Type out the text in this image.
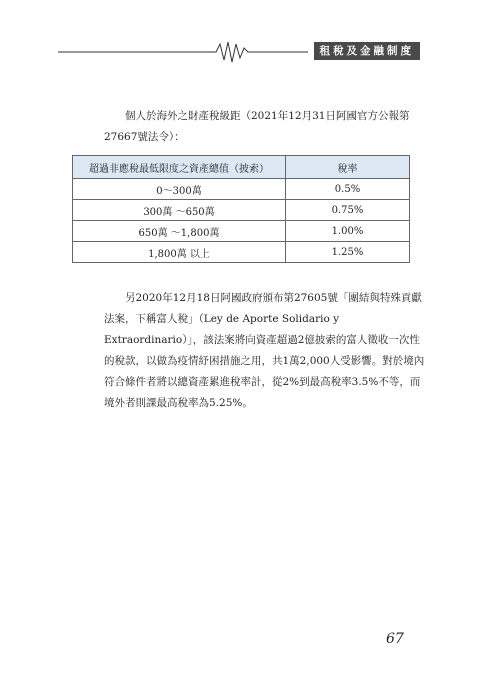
租稅及金融制度

個人於海外之財產稅級距（2021年12月31日阿國官方公報第27667號法令）：

超過非應稅最低限度之資產總值（披索）	稅率
0～300萬	0.5%
300萬 ～650萬	0.75%
650萬 ～1,800萬	1.00%
1,800萬 以上	1.25%

另2020年12月18日阿國政府頒布第27605號「團結與特殊貢獻法案，下稱富人稅」（Ley de Aporte Solidario y Extraordinario）」，該法案將向資產超過2億披索的富人徵收一次性的稅款，以做為疫情紓困措施之用，共1萬2,000人受影響。對於境內符合條件者將以總資產累進稅率計，從2%到最高稅率3.5%不等，而境外者則課最高稅率為5.25%。

67
